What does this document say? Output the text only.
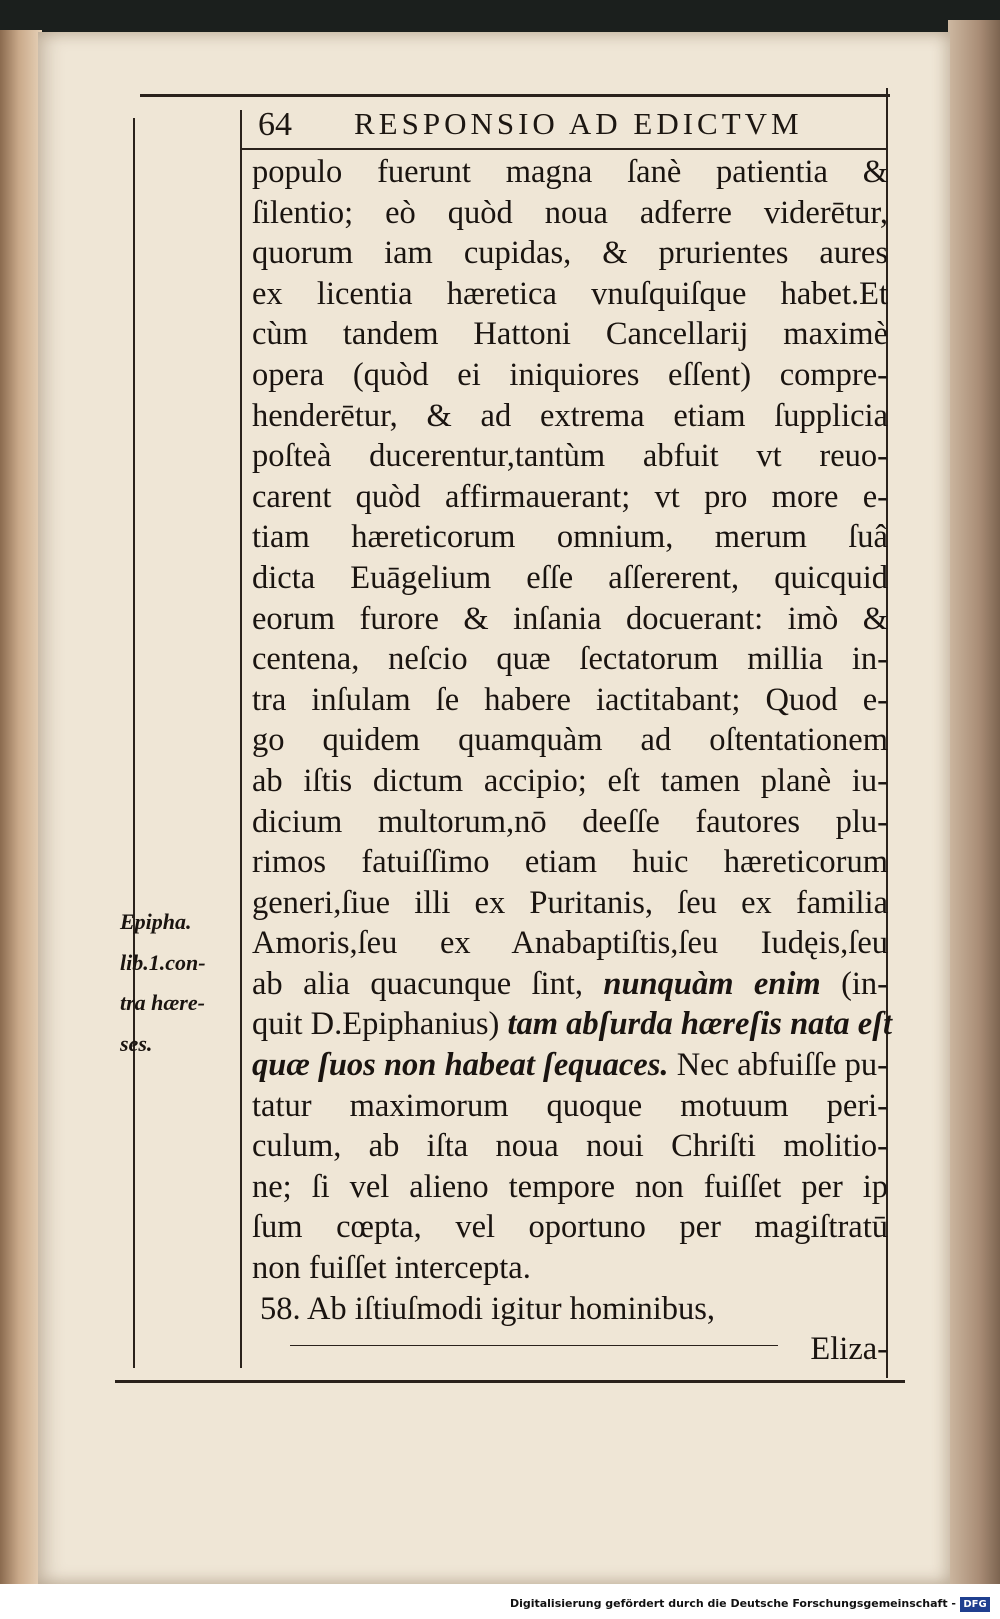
64 RESPONSIO AD EDICTVM
Epipha.
lib.1.con-
tra hære-
ses.
populo fuerunt magna ſanè patientia &
ſilentio; eò quòd noua adferre viderētur,
quorum iam cupidas, & prurientes aures
ex licentia hæretica vnuſquiſque habet.Et
cùm tandem Hattoni Cancellarij maximè
opera (quòd ei iniquiores eſſent) compre-
henderētur, & ad extrema etiam ſupplicia
poſteà ducerentur,tantùm abfuit vt reuo-
carent quòd affirmauerant; vt pro more e-
tiam hæreticorum omnium, merum ſuâ
dicta Euāgelium eſſe aſſererent, quicquid
eorum furore & inſania docuerant: imò &
centena, neſcio quæ ſectatorum millia in-
tra inſulam ſe habere iactitabant; Quod e-
go quidem quamquàm ad oſtentationem
ab iſtis dictum accipio; eſt tamen planè iu-
dicium multorum,nō deeſſe fautores plu-
rimos fatuiſſimo etiam huic hæreticorum
generi,ſiue illi ex Puritanis, ſeu ex familia
Amoris,ſeu ex Anabaptiſtis,ſeu Iudęis,ſeu
ab alia quacunque ſint, nunquàm enim (in-
quit D.Epiphanius) tam abſurda hæreſis nata eſt
quæ ſuos non habeat ſequaces. Nec abfuiſſe pu-
tatur maximorum quoque motuum peri-
culum, ab iſta noua noui Chriſti molitio-
ne; ſi vel alieno tempore non fuiſſet per ip
ſum cœpta, vel oportuno per magiſtratū
non fuiſſet intercepta.
58. Ab iſtiuſmodi igitur hominibus,
Eliza-
Digitalisierung gefördert durch die Deutsche Forschungsgemeinschaft - DFG
